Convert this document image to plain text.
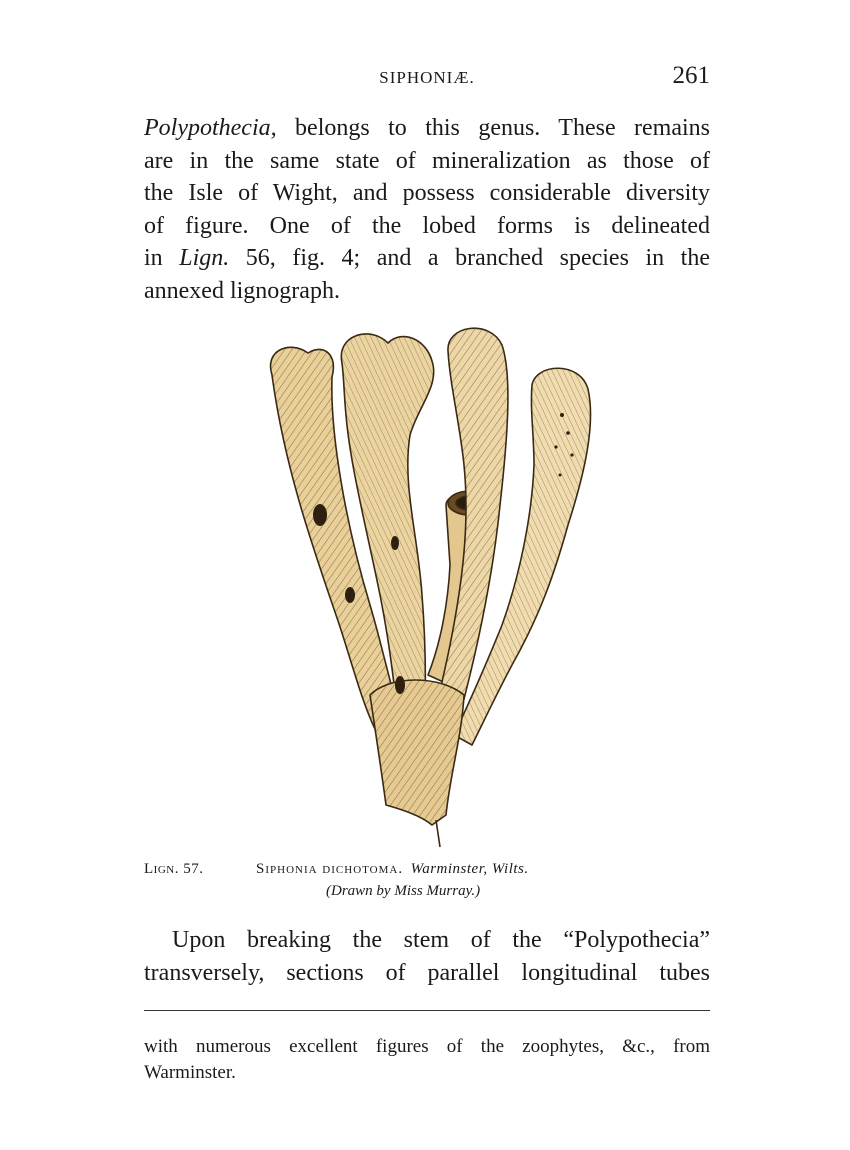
SIPHONIÆ.	261
Polypothecia, belongs to this genus. These remains
are in the same state of mineralization as those of
the Isle of Wight, and possess considerable diversity
of figure. One of the lobed forms is delineated
in Lign. 56, fig. 4; and a branched species in the
annexed lignograph.
Lign. 57.	Siphonia dichotoma. Warminster, Wilts.
(Drawn by Miss Murray.)
Upon breaking the stem of the “Polypothecia”
transversely, sections of parallel longitudinal tubes
with numerous excellent figures of the zoophytes, &c., from
Warminster.
